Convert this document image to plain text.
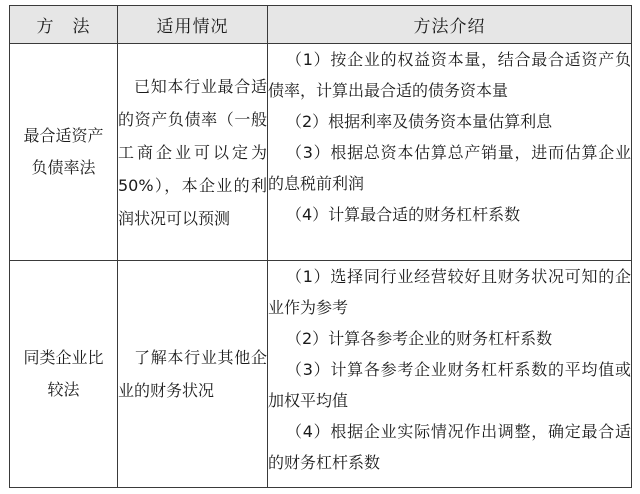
方　法	适用情况	方法介绍
最合适资产负债率法	已知本行业最合适的资产负债率（一般工商企业可以定为50%），本企业的利润状况可以预测	（1）按企业的权益资本量，结合最合适资产负债率，计算出最合适的债务资本量

（2）根据利率及债务资本量估算利息

（3）根据总资本估算总产销量，进而估算企业的息税前利润

（4）计算最合适的财务杠杆系数

同类企业比较法	了解本行业其他企业的财务状况	（1）选择同行业经营较好且财务状况可知的企业作为参考

（2）计算各参考企业的财务杠杆系数

（3）计算各参考企业财务杠杆系数的平均值或加权平均值

（4）根据企业实际情况作出调整，确定最合适的财务杠杆系数
